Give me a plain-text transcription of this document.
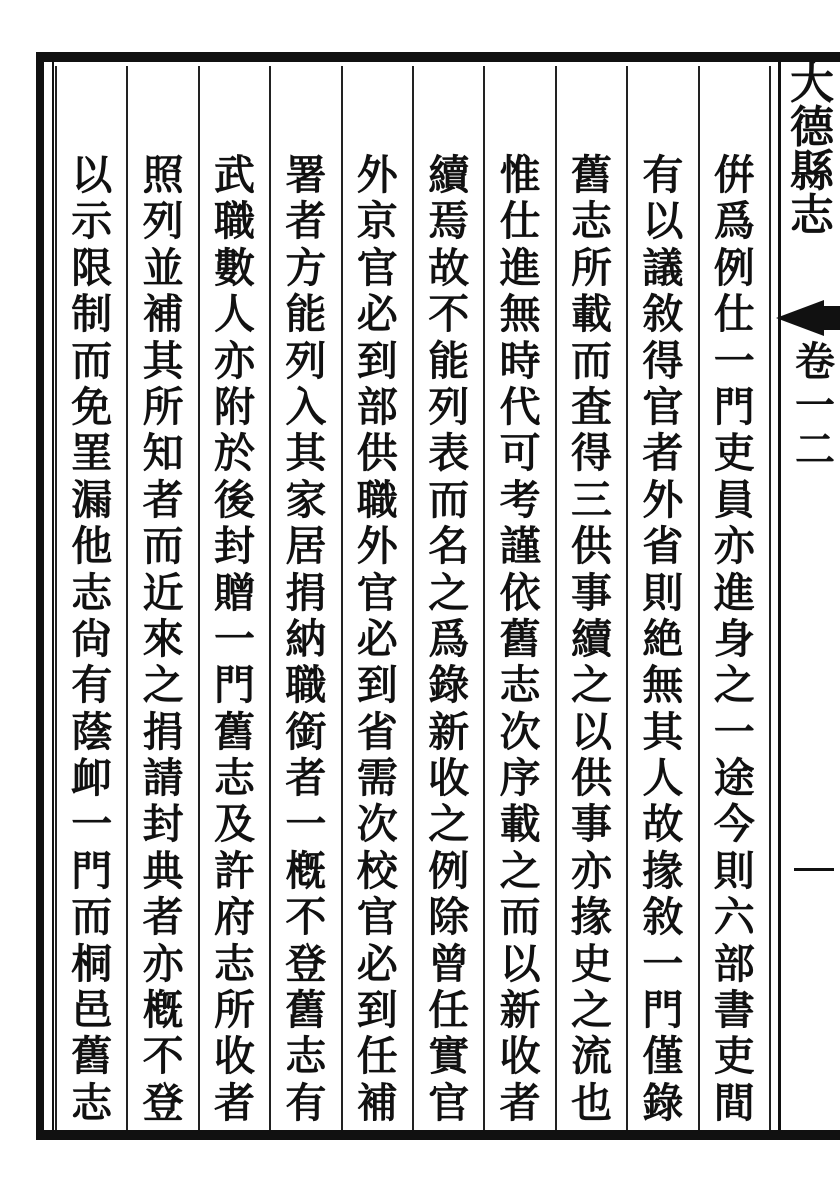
大
德
縣
志
卷
一
二
倂
爲
例
仕
一
門
吏
員
亦
進
身
之
一
途
今
則
六
部
書
吏
間
有
以
議
敘
得
官
者
外
省
則
絶
無
其
人
故
掾
敘
一
門
僅
錄
舊
志
所
載
而
査
得
三
供
事
續
之
以
供
事
亦
掾
史
之
流
也
惟
仕
進
無
時
代
可
考
謹
依
舊
志
次
序
載
之
而
以
新
收
者
續
焉
故
不
能
列
表
而
名
之
爲
錄
新
收
之
例
除
曾
任
實
官
外
京
官
必
到
部
供
職
外
官
必
到
省
需
次
校
官
必
到
任
補
署
者
方
能
列
入
其
家
居
捐
納
職
銜
者
一
槪
不
登
舊
志
有
武
職
數
人
亦
附
於
後
封
贈
一
門
舊
志
及
許
府
志
所
收
者
照
列
並
補
其
所
知
者
而
近
來
之
捐
請
封
典
者
亦
槪
不
登
以
示
限
制
而
免
罣
漏
他
志
尙
有
蔭
卹
一
門
而
桐
邑
舊
志
